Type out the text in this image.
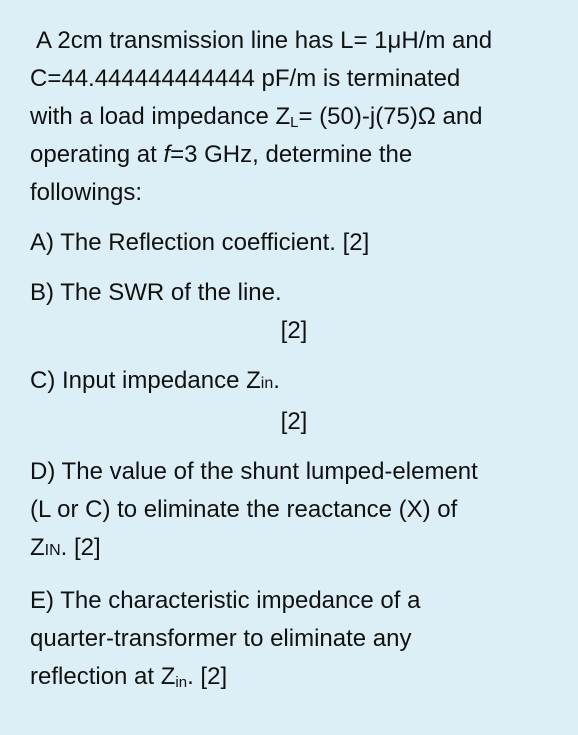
A 2cm transmission line has L= 1μH/m and

C=44.444444444444 pF/m is terminated

with a load impedance $Z_L= (50)-j(75)\Omega$ and

operating at f=3 GHz, determine the

followings:

A) The Reflection coefficient. [2]

B) The SWR of the line.

[2]

C) Input impedance Zin.

[2]

D) The value of the shunt lumped-element

(L or C) to eliminate the reactance (X) of

ZIN. [2]

E) The characteristic impedance of a

quarter-transformer to eliminate any

reflection at $Z_{in}$. [2]
